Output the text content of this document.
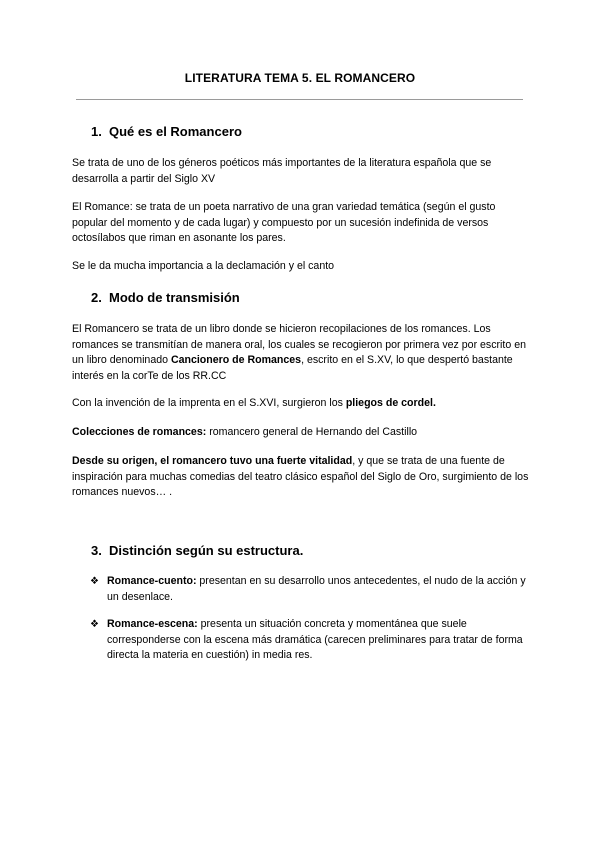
LITERATURA TEMA 5. EL ROMANCERO
1. Qué es el Romancero

Se trata de uno de los géneros poéticos más importantes de la literatura española que se desarrolla a partir del Siglo XV

El Romance: se trata de un poeta narrativo de una gran variedad temática (según el gusto popular del momento y de cada lugar) y compuesto por un sucesión indefinida de versos octosílabos que riman en asonante los pares.

Se le da mucha importancia a la declamación y el canto

2. Modo de transmisión

El Romancero se trata de un libro donde se hicieron recopilaciones de los romances. Los romances se transmitían de manera oral, los cuales se recogieron por primera vez por escrito en un libro denominado Cancionero de Romances, escrito en el S.XV, lo que despertó bastante interés en la corTe de los RR.CC

Con la invención de la imprenta en el S.XVI, surgieron los pliegos de cordel.

Colecciones de romances: romancero general de Hernando del Castillo

Desde su origen, el romancero tuvo una fuerte vitalidad, y que se trata de una fuente de inspiración para muchas comedias del teatro clásico español del Siglo de Oro, surgimiento de los romances nuevos… .

3. Distinción según su estructura.
❖ Romance-cuento: presentan en su desarrollo unos antecedentes, el nudo de la acción y un desenlace.

❖ Romance-escena: presenta un situación concreta y momentánea que suele corresponderse con la escena más dramática (carecen preliminares para tratar de forma directa la materia en cuestión) in media res.
